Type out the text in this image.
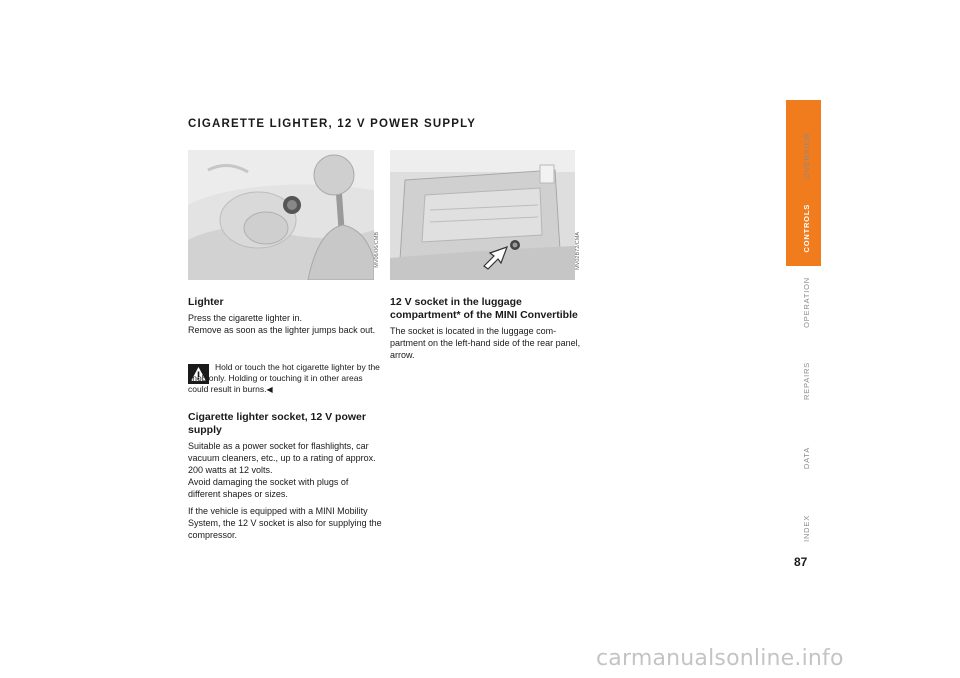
CIGARETTE LIGHTER, 12 V POWER SUPPLY
MV06/06/CMB	MV02B72/CMA
Lighter

Press the cigarette lighter in.

Remove as soon as the lighter jumps back out.

Hold or touch the hot cigarette lighter by the knob only. Holding or touching it in other areas could result in burns.◀
Cigarette lighter socket, 12 V power supply

Suitable as a power socket for flashlights, car vacuum cleaners, etc., up to a rating of approx. 200 watts at 12 volts.

Avoid damaging the socket with plugs of different shapes or sizes.

If the vehicle is equipped with a MINI Mobility System, the 12 V socket is also for supplying the compressor.

12 V socket in the luggage compartment* of the MINI Convertible

The socket is located in the luggage com-partment on the left-hand side of the rear panel, arrow.

OVERVIEW
CONTROLS
OPERATION
REPAIRS
DATA
INDEX
87
carmanualsonline.info
